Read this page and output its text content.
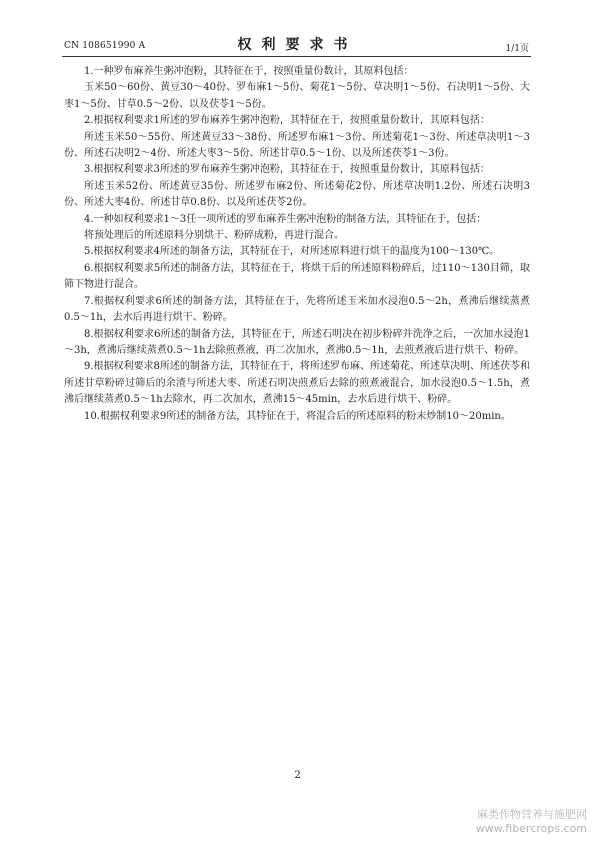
CN 108651990 A	权利要求书	1/1页

1.一种罗布麻养生粥冲泡粉，其特征在于，按照重量份数计，其原料包括：

玉米50～60份、黄豆30～40份、罗布麻1～5份、菊花1～5份、草决明1～5份、石决明1～5份、大枣1～5份、甘草0.5～2份、以及茯苓1～5份。

2.根据权利要求1所述的罗布麻养生粥冲泡粉，其特征在于，按照重量份数计，其原料包括：

所述玉米50～55份、所述黄豆33～38份、所述罗布麻1～3份、所述菊花1～3份、所述草决明1～3份、所述石决明2～4份、所述大枣3～5份、所述甘草0.5～1份、以及所述茯苓1～3份。

3.根据权利要求3所述的罗布麻养生粥冲泡粉，其特征在于，按照重量份数计，其原料包括：

所述玉米52份、所述黄豆35份、所述罗布麻2份、所述菊花2份、所述草决明1.2份、所述石决明3份、所述大枣4份、所述甘草0.8份、以及所述茯苓2份。

4.一种如权利要求1～3任一项所述的罗布麻养生粥冲泡粉的制备方法，其特征在于，包括：

将预处理后的所述原料分别烘干、粉碎成粉，再进行混合。

5.根据权利要求4所述的制备方法，其特征在于，对所述原料进行烘干的温度为100～130℃。

6.根据权利要求5所述的制备方法，其特征在于，将烘干后的所述原料粉碎后，过110～130目筛，取筛下物进行混合。

7.根据权利要求6所述的制备方法，其特征在于，先将所述玉米加水浸泡0.5～2h，煮沸后继续蒸煮0.5～1h，去水后再进行烘干、粉碎。

8.根据权利要求6所述的制备方法，其特征在于，所述石明决在初步粉碎并洗净之后，一次加水浸泡1～3h，煮沸后继续蒸煮0.5～1h去除煎煮液，再二次加水，煮沸0.5～1h，去煎煮液后进行烘干、粉碎。

9.根据权利要求8所述的制备方法，其特征在于，将所述罗布麻、所述菊花、所述草决明、所述茯苓和所述甘草粉碎过筛后的余渣与所述大枣、所述石明决煎煮后去除的煎煮液混合，加水浸泡0.5～1.5h，煮沸后继续蒸煮0.5～1h去除水，再二次加水，煮沸15～45min，去水后进行烘干、粉碎。

10.根据权利要求9所述的制备方法，其特征在于，将混合后的所述原料的粉末炒制10～20min。

2
麻类作物营养与施肥网
www.fibercrops.com
